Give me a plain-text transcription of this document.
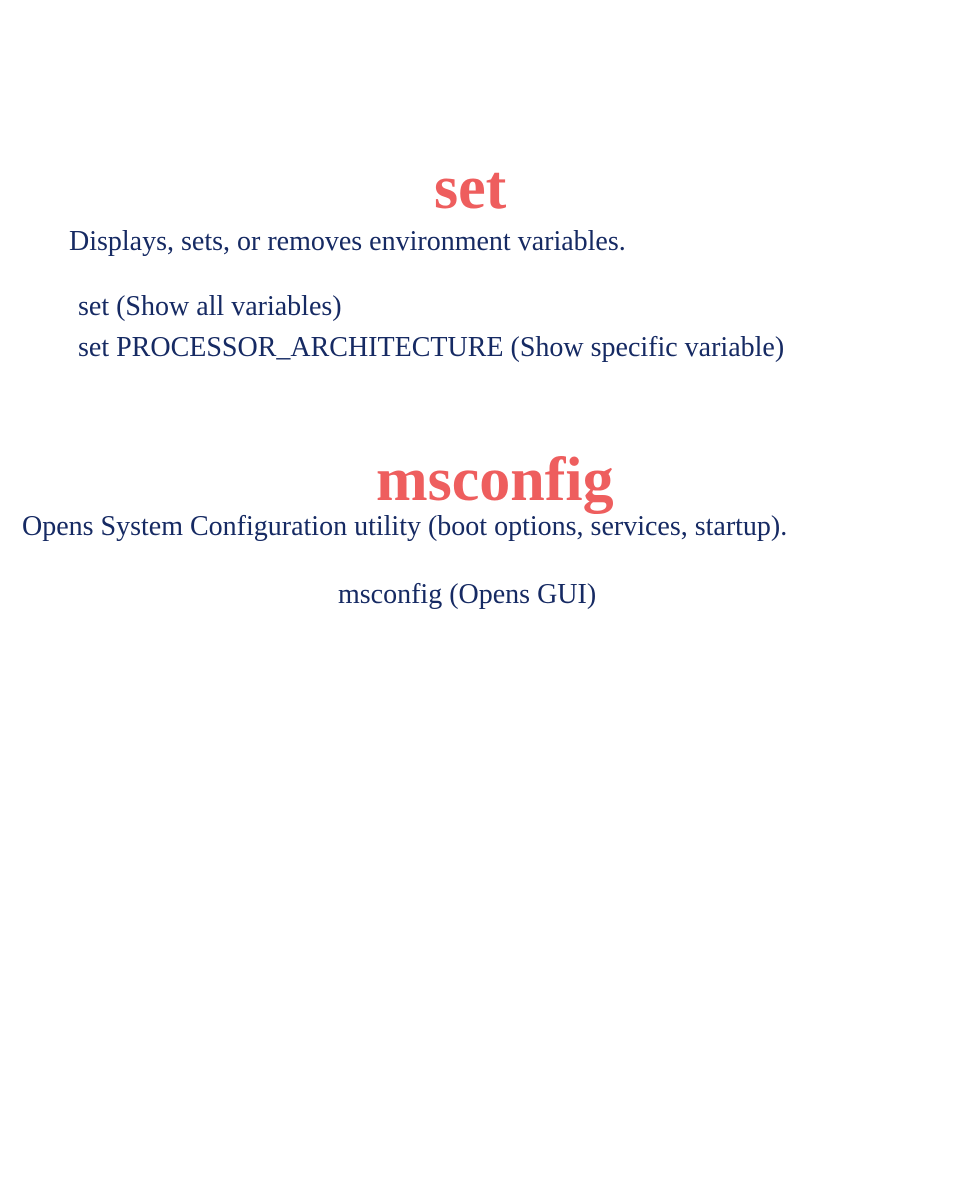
set

Displays, sets, or removes environment variables.

set (Show all variables)

set PROCESSOR_ARCHITECTURE (Show specific variable)

msconfig

Opens System Configuration utility (boot options, services, startup).

msconfig (Opens GUI)
